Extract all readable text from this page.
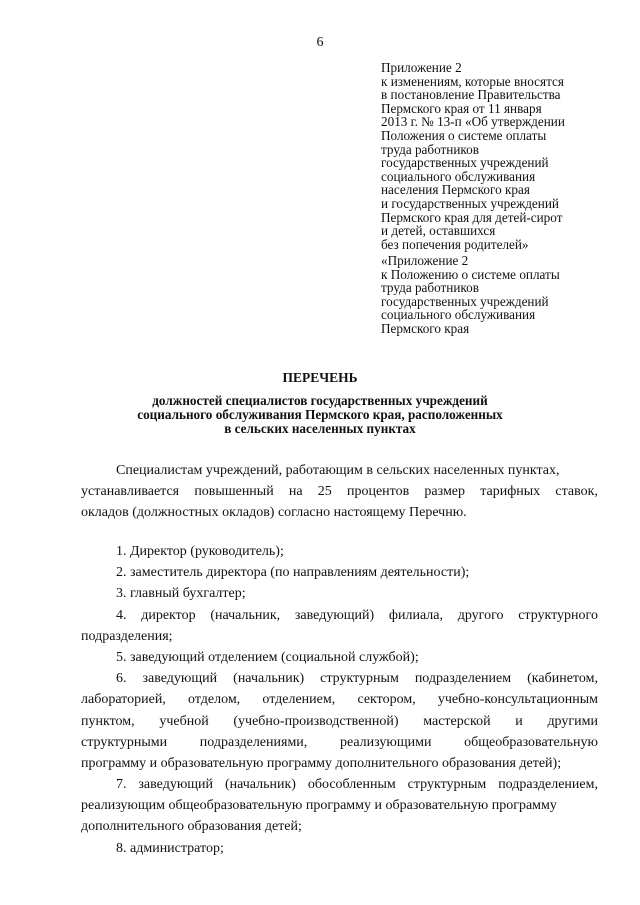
6
Приложение 2
к изменениям, которые вносятся
в постановление Правительства
Пермского края от 11 января
2013 г. № 13-п «Об утверждении
Положения о системе оплаты
труда работников
государственных учреждений
социального обслуживания
населения Пермского края
и государственных учреждений
Пермского края для детей-сирот
и детей, оставшихся
без попечения родителей»
«Приложение 2
к Положению о системе оплаты
труда работников
государственных учреждений
социального обслуживания
Пермского края
ПЕРЕЧЕНЬ
должностей специалистов государственных учреждений
социального обслуживания Пермского края, расположенных
в сельских населенных пунктах
Специалистам учреждений, работающим в сельских населенных пунктах,
устанавливается повышенный на 25 процентов размер тарифных ставок,
окладов (должностных окладов) согласно настоящему Перечню.
1. Директор (руководитель);
2. заместитель директора (по направлениям деятельности);
3. главный бухгалтер;
4. директор (начальник, заведующий) филиала, другого структурного
подразделения;
5. заведующий отделением (социальной службой);
6. заведующий (начальник) структурным подразделением (кабинетом,
лабораторией, отделом, отделением, сектором, учебно-консультационным
пунктом, учебной (учебно-производственной) мастерской и другими
структурными подразделениями, реализующими общеобразовательную
программу и образовательную программу дополнительного образования детей);
7. заведующий (начальник) обособленным структурным подразделением,
реализующим общеобразовательную программу и образовательную программу
дополнительного образования детей;
8. администратор;
